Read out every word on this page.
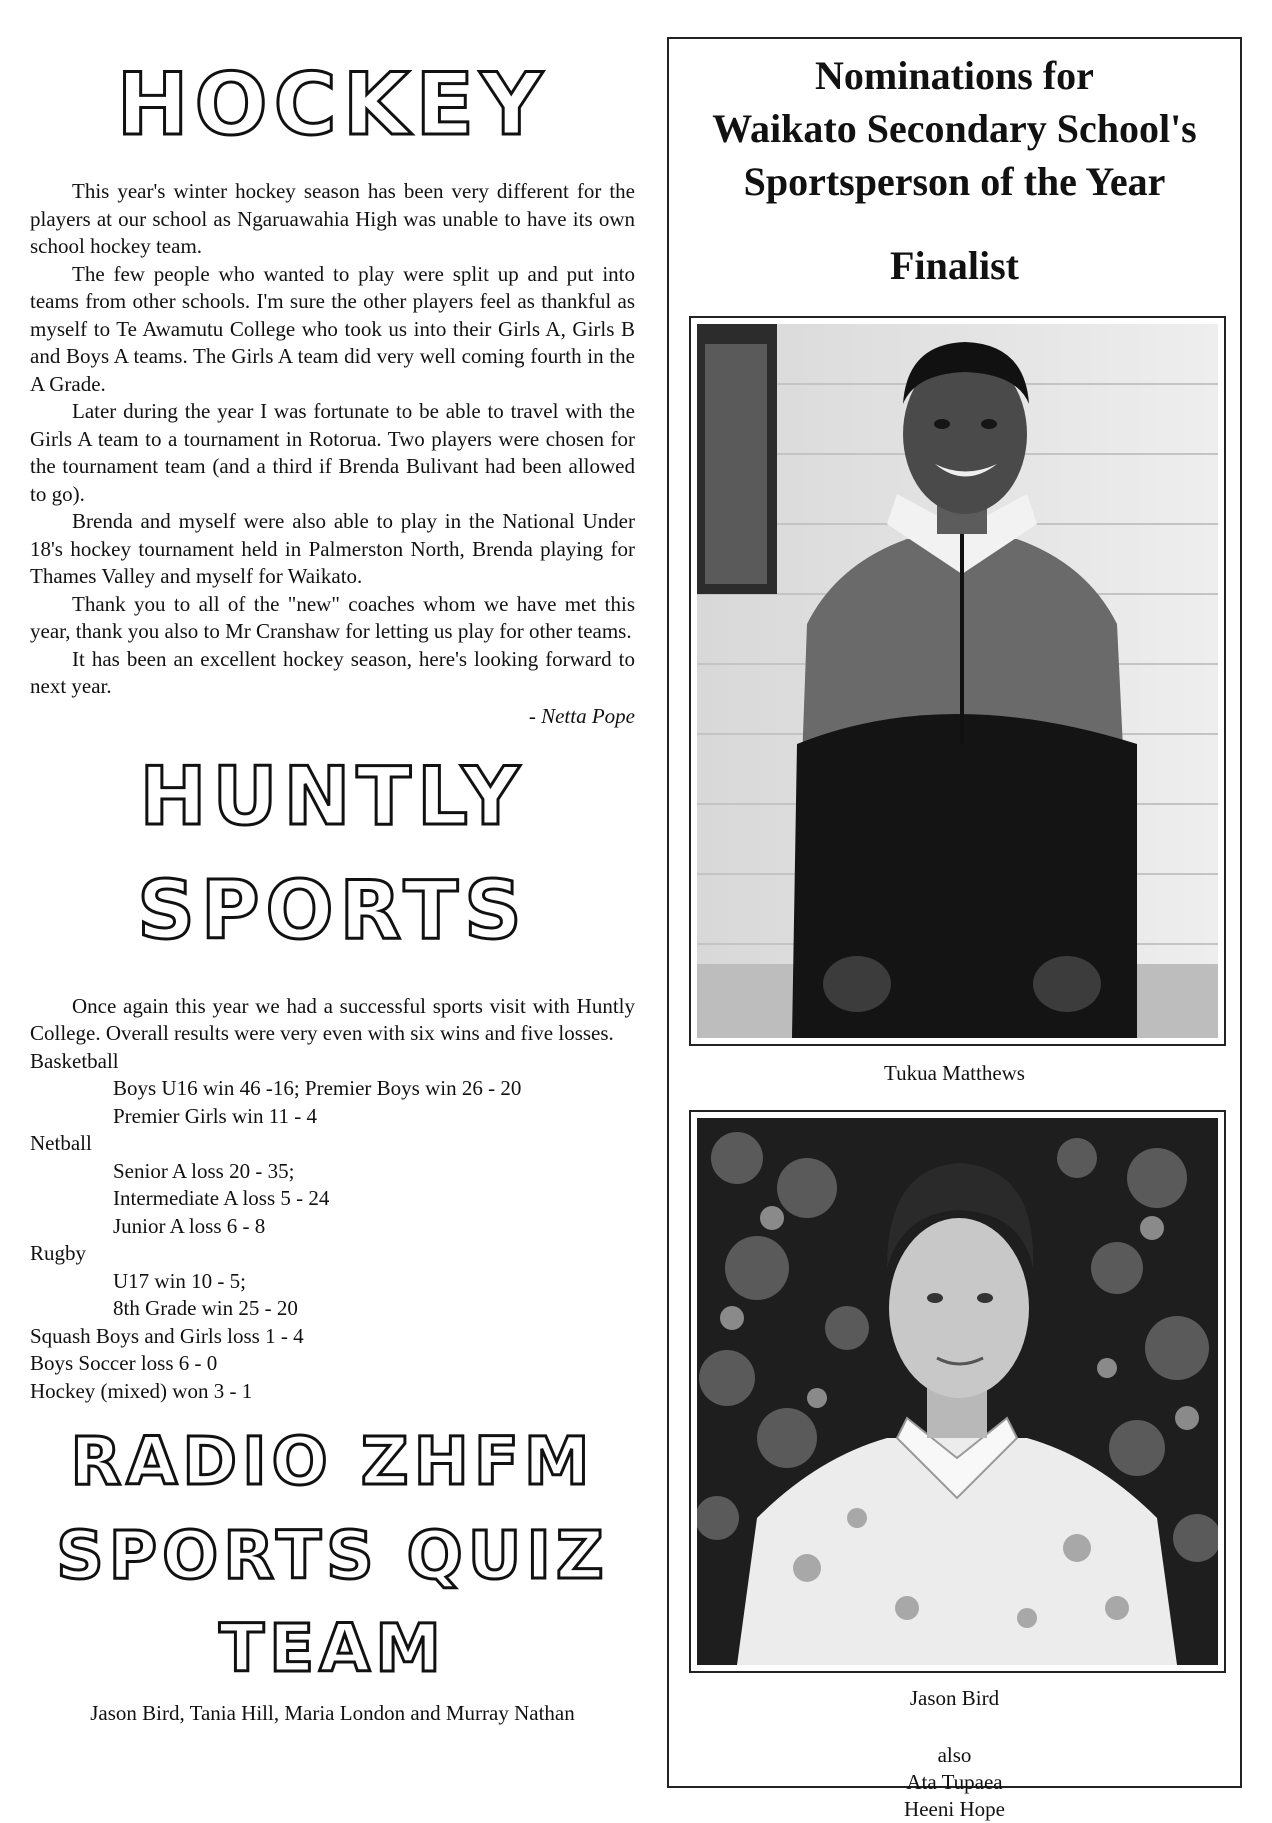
HOCKEY

This year's winter hockey season has been very different for the players at our school as Ngaruawahia High was unable to have its own school hockey team.

The few people who wanted to play were split up and put into teams from other schools. I'm sure the other players feel as thankful as myself to Te Awamutu College who took us into their Girls A, Girls B and Boys A teams. The Girls A team did very well coming fourth in the A Grade.

Later during the year I was fortunate to be able to travel with the Girls A team to a tournament in Rotorua. Two players were chosen for the tournament team (and a third if Brenda Bulivant had been allowed to go).

Brenda and myself were also able to play in the National Under 18's hockey tournament held in Palmerston North, Brenda playing for Thames Valley and myself for Waikato.

Thank you to all of the "new" coaches whom we have met this year, thank you also to Mr Cranshaw for letting us play for other teams.

It has been an excellent hockey season, here's looking forward to next year.

- Netta Pope
HUNTLY
SPORTS

Once again this year we had a successful sports visit with Huntly College. Overall results were very even with six wins and five losses.

Basketball

Boys U16 win 46 -16; Premier Boys win 26 - 20

Premier Girls win 11 - 4

Netball

Senior A loss 20 - 35;

Intermediate A loss 5 - 24

Junior A loss 6 - 8

Rugby

U17 win 10 - 5;

8th Grade win 25 - 20

Squash Boys and Girls loss 1 - 4

Boys Soccer loss 6 - 0

Hockey (mixed) won 3 - 1

RADIO ZHFM
SPORTS QUIZ
TEAM
Jason Bird, Tania Hill, Maria London and Murray Nathan
Nominations for
Waikato Secondary School's
Sportsperson of the Year
Finalist
Tukua Matthews
Jason Bird
also
Ata Tupaea
Heeni Hope
